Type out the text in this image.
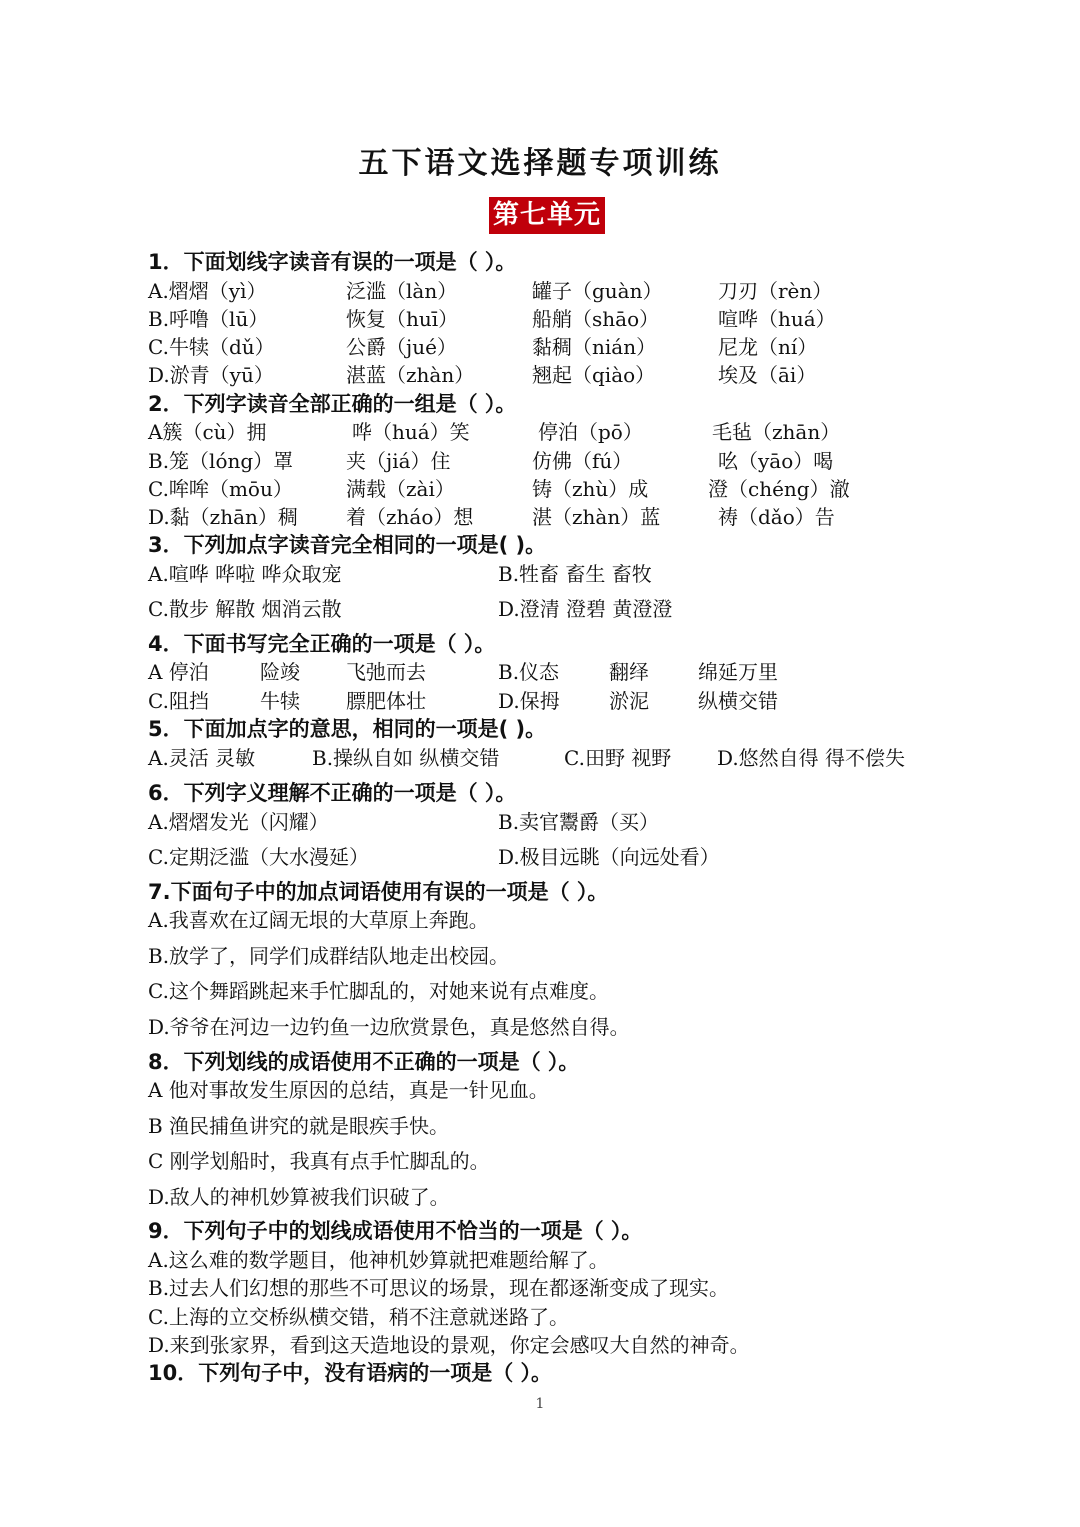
五下语文选择题专项训练
第七单元
1．下面划线字读音有误的一项是（ ）。
A.熠熠（yì）	泛滥（làn）	罐子（guàn）	刀刃（rèn）
B.呼噜（lū）	恢复（huī）	船艄（shāo）	喧哗（huá）
C.牛犊（dǔ）	公爵（jué）	黏稠（nián）	尼龙（ní）
D.淤青（yū）	湛蓝（zhàn）	翘起（qiào）	埃及（āi）
2．下列字读音全部正确的一组是（ ）。
A簇（cù）拥	哗（huá）笑	停泊（pō）	毛毡（zhān）
B.笼（lóng）罩	夹（jiá）住	仿佛（fú）	吆（yāo）喝
C.哞哞（mōu）	满载（zài）	铸（zhù）成	澄（chéng）澈
D.黏（zhān）稠 着（zháo）想	湛（zhàn）蓝	祷（dǎo）告
3．下列加点字读音完全相同的一项是( )。
A.喧哗 哗啦 哗众取宠	B.牲畜 畜生 畜牧
C.散步 解散 烟消云散	D.澄清 澄碧 黄澄澄
4．下面书写完全正确的一项是（ ）。
A 停泊	险竣 飞弛而去	B.仪态 翻绎 绵延万里
C.阻挡	牛犊 膘肥体壮	D.保拇 淤泥 纵横交错
5．下面加点字的意思，相同的一项是( )。
A.灵活 灵敏	B.操纵自如 纵横交错	C.田野 视野 D.悠然自得 得不偿失
6．下列字义理解不正确的一项是（ ）。
A.熠熠发光（闪耀）	B.卖官鬻爵（买）
C.定期泛滥（大水漫延）	D.极目远眺（向远处看）
7.下面句子中的加点词语使用有误的一项是（ ）。
A.我喜欢在辽阔无垠的大草原上奔跑。
B.放学了，同学们成群结队地走出校园。
C.这个舞蹈跳起来手忙脚乱的，对她来说有点难度。
D.爷爷在河边一边钓鱼一边欣赏景色，真是悠然自得。
8．下列划线的成语使用不正确的一项是（ ）。
A 他对事故发生原因的总结，真是一针见血。
B 渔民捕鱼讲究的就是眼疾手快。
C 刚学划船时，我真有点手忙脚乱的。
D.敌人的神机妙算被我们识破了。
9．下列句子中的划线成语使用不恰当的一项是（ ）。
A.这么难的数学题目，他神机妙算就把难题给解了。
B.过去人们幻想的那些不可思议的场景，现在都逐渐变成了现实。
C.上海的立交桥纵横交错，稍不注意就迷路了。
D.来到张家界，看到这天造地设的景观，你定会感叹大自然的神奇。
10．下列句子中，没有语病的一项是（ ）。
1
